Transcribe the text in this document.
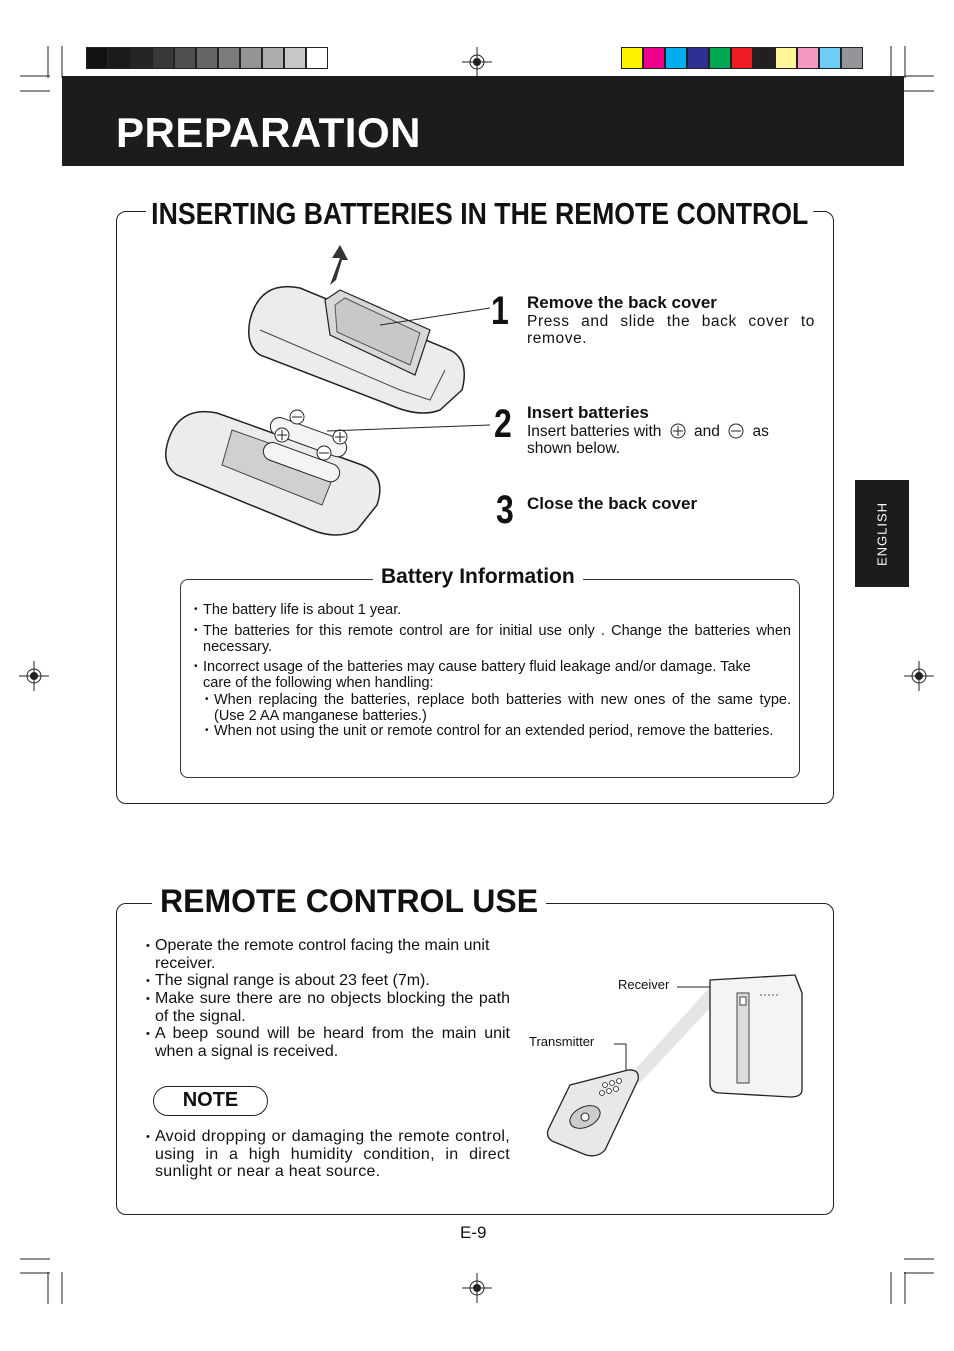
PREPARATION
ENGLISH
INSERTING BATTERIES IN THE REMOTE CONTROL
1 Remove the back cover
Press and slide the back cover to remove.
2 Insert batteries
Insert batteries with and as
shown below.
3 Close the back cover
Battery Information
• The battery life is about 1 year.
• The batteries for this remote control are for initial use only . Change the batteries when necessary.
• Incorrect usage of the batteries may cause battery fluid leakage and/or damage. Take care of the following when handling:
• When replacing the batteries, replace both batteries with new ones of the same type. (Use 2 AA manganese batteries.)
• When not using the unit or remote control for an extended period, remove the batteries.
REMOTE CONTROL USE
• Operate the remote control facing the main unit receiver.
• The signal range is about 23 feet (7m).
• Make sure there are no objects blocking the path of the signal.
• A beep sound will be heard from the main unit when a signal is received.
NOTE
• Avoid dropping or damaging the remote control, using in a high humidity condition, in direct sunlight or near a heat source.
Receiver
Transmitter
E-9
